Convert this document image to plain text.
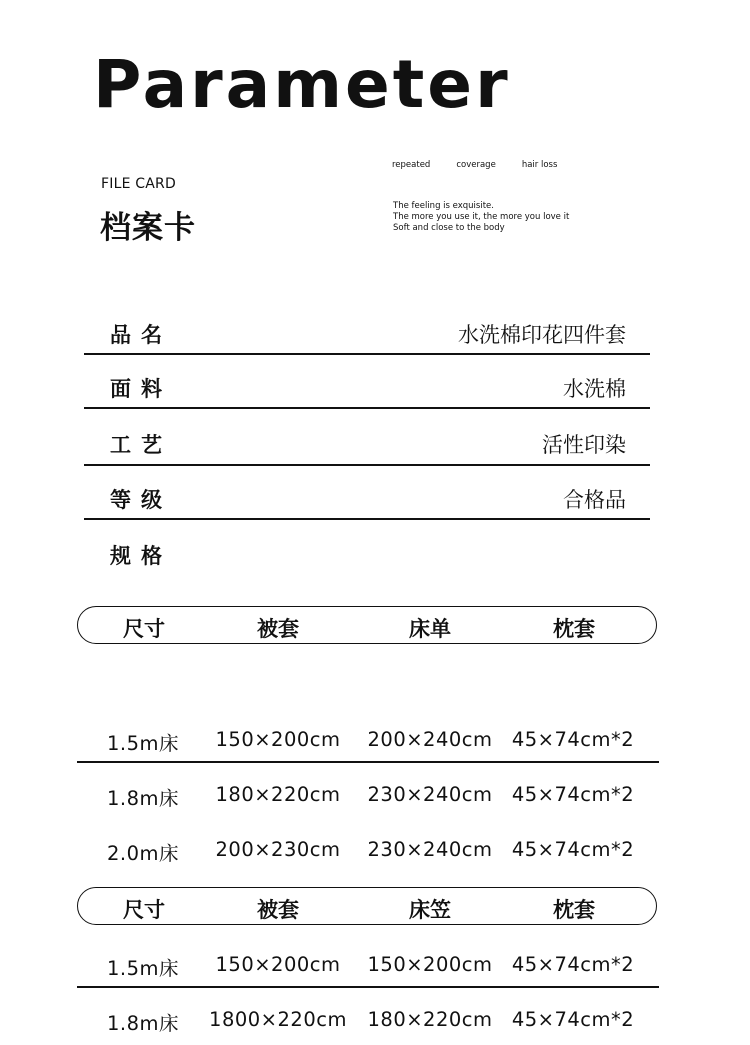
Parameter
FILE CARD
档案卡
repeated	coverage	hair loss
The feeling is exquisite.
The more you use it, the more you love it
Soft and close to the body
品名	水洗棉印花四件套
面料	水洗棉
工艺	活性印染
等级	合格品
规格
尺寸	被套	床单	枕套
1.5m床 150×200cm 200×240cm 45×74cm*2
1.8m床 180×220cm 230×240cm 45×74cm*2
2.0m床 200×230cm 230×240cm 45×74cm*2
尺寸	被套	床笠	枕套
1.5m床 150×200cm 150×200cm 45×74cm*2
1.8m床 1800×220cm 180×220cm 45×74cm*2
